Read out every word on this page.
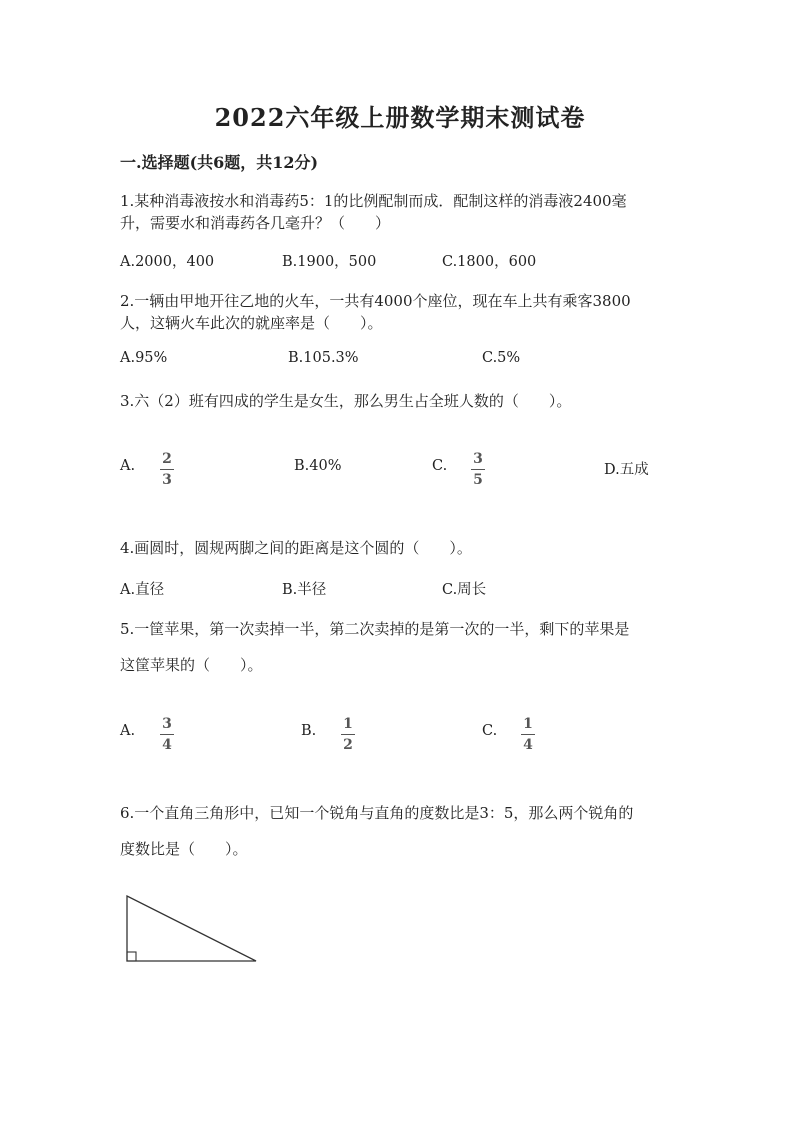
2022六年级上册数学期末测试卷
一.选择题(共6题，共12分)
1.某种消毒液按水和消毒药5：1的比例配制而成．配制这样的消毒液2400毫
升，需要水和消毒药各几毫升？（　　）
A.2000，400	B.1900，500	C.1800，600
2.一辆由甲地开往乙地的火车，一共有4000个座位，现在车上共有乘客3800
人，这辆火车此次的就座率是（　　）。
A.95%	B.105.3%	C.5%
3.六（2）班有四成的学生是女生，那么男生占全班人数的（　　）。
A. 2
3
B.40%	C. 3
5
D.五成
4.画圆时，圆规两脚之间的距离是这个圆的（　　）。
A.直径	B.半径	C.周长
5.一筐苹果，第一次卖掉一半，第二次卖掉的是第一次的一半，剩下的苹果是
这筐苹果的（　　）。
A. 3
4
B. 1
2
C. 1
4
6.一个直角三角形中，已知一个锐角与直角的度数比是3：5，那么两个锐角的
度数比是（　　）。
